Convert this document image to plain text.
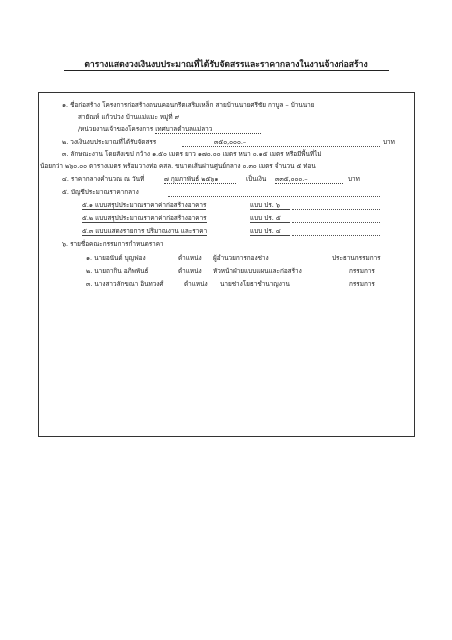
ตารางแสดงวงเงินงบประมาณที่ได้รับจัดสรรและราคากลางในงานจ้างก่อสร้าง
๑. ชื่อก่อสร้าง โครงการก่อสร้างถนนคอนกรีตเสริมเหล็ก สายบ้านนายศรีชัย กาบูล – บ้านนาย
สายัณห์ แก้วปวง บ้านแม่แมะ หมู่ที่ ๙
/หน่วยงานเจ้าของโครงการ เทศบาลตำบลแม่ลาว
๒. วงเงินงบประมาณที่ได้รับจัดสรร	๓๕๐,๐๐๐.–	บาท
๓. ลักษณะงาน โดยสังเขป กว้าง ๑.๕๐ เมตร ยาว ๑๗๐.๐๐ เมตร หนา ๐.๑๕ เมตร หรือมีพื้นที่ไม่
น้อยกว่า ๒๖๐.๐๐ ตารางเมตร พร้อมวางท่อ คสล. ขนาดเส้นผ่านศูนย์กลาง ๐.๓๐ เมตร จำนวน ๕ ท่อน
๔. ราคากลางคำนวณ ณ วันที่	๗ กุมภาพันธ์ ๒๕๖๑	เป็นเงิน ๓๓๕,๐๐๐.–	บาท
๕. บัญชีประมาณราคากลาง
๕.๑ แบบสรุปประมาณราคาค่าก่อสร้างอาคาร	แบบ ปร. ๖
๕.๒ แบบสรุปประมาณราคาค่าก่อสร้างอาคาร	แบบ ปร. ๕
๕.๓ แบบแสดงรายการ ปริมาณงาน และราคา	แบบ ปร. ๔
๖. รายชื่อคณะกรรมการกำหนดราคา
๑. นายอนันต์ บุญฟอง	ตำแหน่ง ผู้อำนวยการกองช่าง	ประธานกรรมการ
๒. นายถากิน อภิพพันธ์	ตำแหน่ง หัวหน้าฝ่ายแบบแผนและก่อสร้าง	กรรมการ
๓. นางสาวลักขณา อินทวงศ์	ตำแหน่ง นายช่างโยธาชำนาญงาน	กรรมการ
